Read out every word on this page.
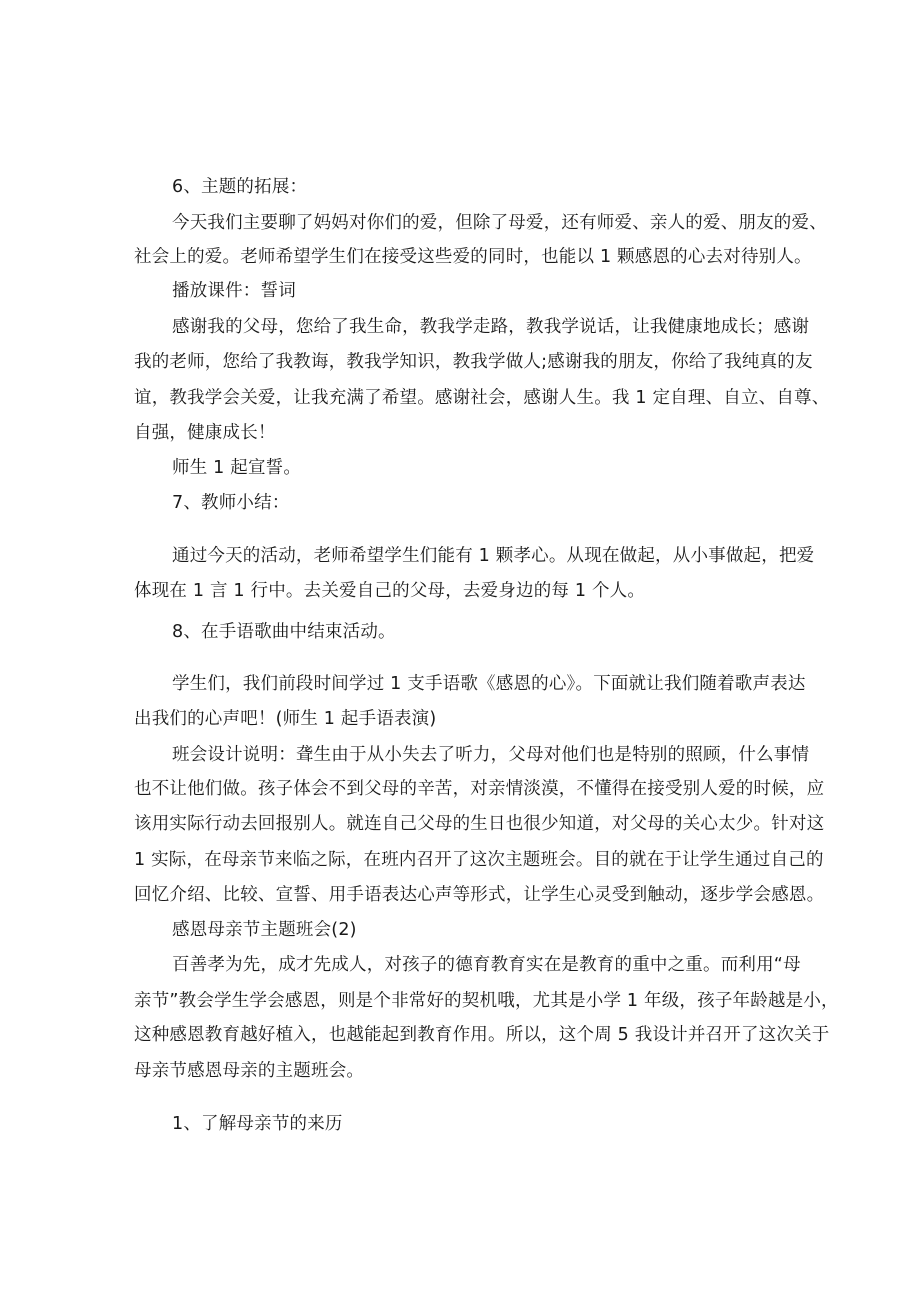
6、主题的拓展：
今天我们主要聊了妈妈对你们的爱，但除了母爱，还有师爱、亲人的爱、朋友的爱、
社会上的爱。老师希望学生们在接受这些爱的同时，也能以 1 颗感恩的心去对待别人。
播放课件：誓词
感谢我的父母，您给了我生命，教我学走路，教我学说话，让我健康地成长；感谢
我的老师，您给了我教诲，教我学知识，教我学做人;感谢我的朋友，你给了我纯真的友
谊，教我学会关爱，让我充满了希望。感谢社会，感谢人生。我 1 定自理、自立、自尊、
自强，健康成长！
师生 1 起宣誓。
7、教师小结：
通过今天的活动，老师希望学生们能有 1 颗孝心。从现在做起，从小事做起，把爱
体现在 1 言 1 行中。去关爱自己的父母，去爱身边的每 1 个人。
8、在手语歌曲中结束活动。
学生们，我们前段时间学过 1 支手语歌《感恩的心》。下面就让我们随着歌声表达
出我们的心声吧！(师生 1 起手语表演)
班会设计说明：聋生由于从小失去了听力，父母对他们也是特别的照顾，什么事情
也不让他们做。孩子体会不到父母的辛苦，对亲情淡漠，不懂得在接受别人爱的时候，应
该用实际行动去回报别人。就连自己父母的生日也很少知道，对父母的关心太少。针对这
1 实际，在母亲节来临之际，在班内召开了这次主题班会。目的就在于让学生通过自己的
回忆介绍、比较、宣誓、用手语表达心声等形式，让学生心灵受到触动，逐步学会感恩。
感恩母亲节主题班会(2)
百善孝为先，成才先成人，对孩子的德育教育实在是教育的重中之重。而利用“母
亲节”教会学生学会感恩，则是个非常好的契机哦，尤其是小学 1 年级，孩子年龄越是小，
这种感恩教育越好植入，也越能起到教育作用。所以，这个周 5 我设计并召开了这次关于
母亲节感恩母亲的主题班会。
1、了解母亲节的来历
